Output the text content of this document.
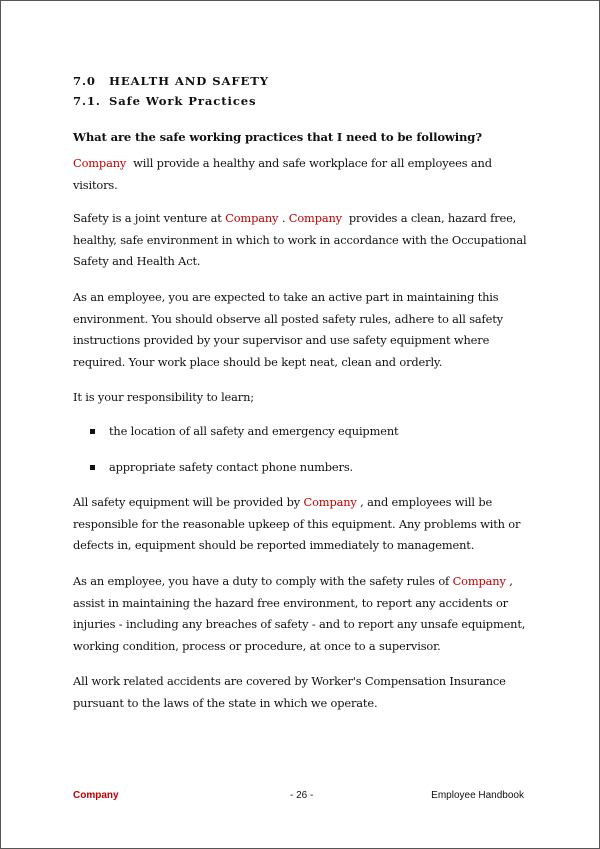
7.0 HEALTH AND SAFETY
7.1. Safe Work Practices
What are the safe working practices that I need to be following?

Company  will provide a healthy and safe workplace for all employees and visitors.

Safety is a joint venture at Company . Company  provides a clean, hazard free, healthy, safe environment in which to work in accordance with the Occupational Safety and Health Act.

As an employee, you are expected to take an active part in maintaining this environment. You should observe all posted safety rules, adhere to all safety instructions provided by your supervisor and use safety equipment where required. Your work place should be kept neat, clean and orderly.

It is your responsibility to learn;

the location of all safety and emergency equipment
appropriate safety contact phone numbers.

All safety equipment will be provided by Company , and employees will be responsible for the reasonable upkeep of this equipment. Any problems with or defects in, equipment should be reported immediately to management.

As an employee, you have a duty to comply with the safety rules of Company , assist in maintaining the hazard free environment, to report any accidents or injuries - including any breaches of safety - and to report any unsafe equipment, working condition, process or procedure, at once to a supervisor.

All work related accidents are covered by Worker's Compensation Insurance pursuant to the laws of the state in which we operate.

Company	- 26 -	Employee Handbook
